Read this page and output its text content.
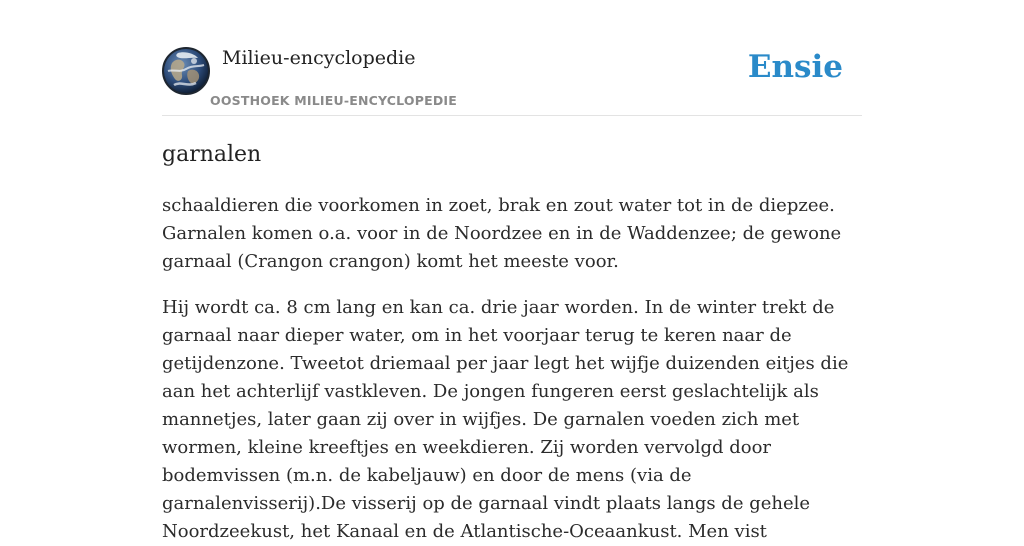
Milieu-encyclopedie
OOSTHOEK MILIEU-ENCYCLOPEDIE
Ensie
garnalen

schaaldieren die voorkomen in zoet, brak en zout water tot in de diepzee. Garnalen komen o.a. voor in de Noordzee en in de Waddenzee; de gewone garnaal (Crangon crangon) komt het meeste voor.

Hij wordt ca. 8 cm lang en kan ca. drie jaar worden. In de winter trekt de garnaal naar dieper water, om in het voorjaar terug te keren naar de getijdenzone. Tweetot driemaal per jaar legt het wijfje duizenden eitjes die aan het achterlijf vastkleven. De jongen fungeren eerst geslachtelijk als mannetjes, later gaan zij over in wijfjes. De garnalen voeden zich met wormen, kleine kreeftjes en weekdieren. Zij worden vervolgd door bodemvissen (m.n. de kabeljauw) en door de mens (via de garnalenvisserij).De visserij op de garnaal vindt plaats langs de gehele Noordzeekust, het Kanaal en de Atlantische-Oceaankust. Men vist
